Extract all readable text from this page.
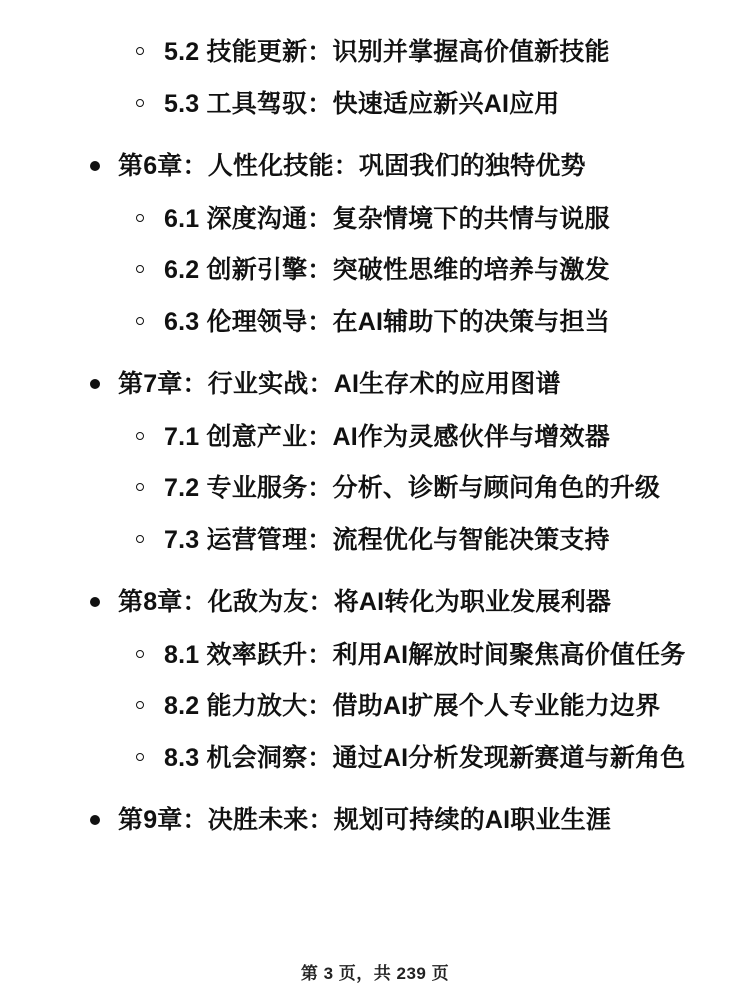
5.2 技能更新：识别并掌握高价值新技能
5.3 工具驾驭：快速适应新兴AI应用
第6章：人性化技能：巩固我们的独特优势
6.1 深度沟通：复杂情境下的共情与说服
6.2 创新引擎：突破性思维的培养与激发
6.3 伦理领导：在AI辅助下的决策与担当
第7章：行业实战：AI生存术的应用图谱
7.1 创意产业：AI作为灵感伙伴与增效器
7.2 专业服务：分析、诊断与顾问角色的升级
7.3 运营管理：流程优化与智能决策支持
第8章：化敌为友：将AI转化为职业发展利器
8.1 效率跃升：利用AI解放时间聚焦高价值任务
8.2 能力放大：借助AI扩展个人专业能力边界
8.3 机会洞察：通过AI分析发现新赛道与新角色
第9章：决胜未来：规划可持续的AI职业生涯
第 3 页，共 239 页
